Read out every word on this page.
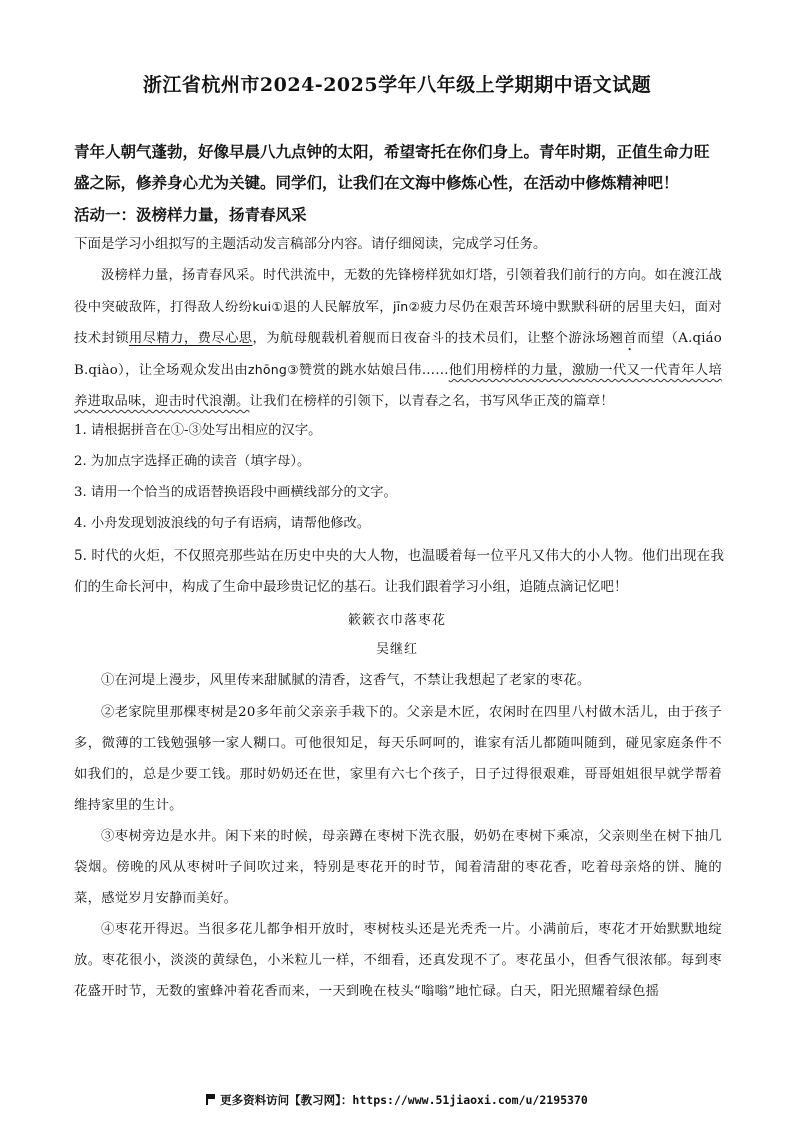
浙江省杭州市2024-2025学年八年级上学期期中语文试题

青年人朝气蓬勃，好像早晨八九点钟的太阳，希望寄托在你们身上。青年时期，正值生命力旺盛之际，修养身心尤为关键。同学们，让我们在文海中修炼心性，在活动中修炼精神吧！

活动一：汲榜样力量，扬青春风采

下面是学习小组拟写的主题活动发言稿部分内容。请仔细阅读，完成学习任务。

汲榜样力量，扬青春风采。时代洪流中，无数的先锋榜样犹如灯塔，引领着我们前行的方向。如在渡江战役中突破敌阵，打得敌人纷纷kui①退的人民解放军，jīn②疲力尽仍在艰苦环境中默默科研的居里夫妇，面对技术封锁用尽精力，费尽心思，为航母舰载机着舰而日夜奋斗的技术员们，让整个游泳场翘首而望（A.qiáo　B.qiào），让全场观众发出由zhōng③赞赏的跳水姑娘吕伟……他们用榜样的力量，激励一代又一代青年人培养进取品味，迎击时代浪潮。让我们在榜样的引领下，以青春之名，书写风华正茂的篇章！

1. 请根据拼音在①-③处写出相应的汉字。

2. 为加点字选择正确的读音（填字母）。

3. 请用一个恰当的成语替换语段中画横线部分的文字。

4. 小舟发现划波浪线的句子有语病，请帮他修改。

5. 时代的火炬，不仅照亮那些站在历史中央的大人物，也温暖着每一位平凡又伟大的小人物。他们出现在我们的生命长河中，构成了生命中最珍贵记忆的基石。让我们跟着学习小组，追随点滴记忆吧！

簌簌衣巾落枣花
吴继红

①在河堤上漫步，风里传来甜腻腻的清香，这香气，不禁让我想起了老家的枣花。

②老家院里那棵枣树是20多年前父亲亲手栽下的。父亲是木匠，农闲时在四里八村做木活儿，由于孩子多，微薄的工钱勉强够一家人糊口。可他很知足，每天乐呵呵的，谁家有活儿都随叫随到，碰见家庭条件不如我们的，总是少要工钱。那时奶奶还在世，家里有六七个孩子，日子过得很艰难，哥哥姐姐很早就学帮着维持家里的生计。

③枣树旁边是水井。闲下来的时候，母亲蹲在枣树下洗衣服，奶奶在枣树下乘凉，父亲则坐在树下抽几袋烟。傍晚的风从枣树叶子间吹过来，特别是枣花开的时节，闻着清甜的枣花香，吃着母亲烙的饼、腌的菜，感觉岁月安静而美好。

④枣花开得迟。当很多花儿都争相开放时，枣树枝头还是光秃秃一片。小满前后，枣花才开始默默地绽放。枣花很小，淡淡的黄绿色，小米粒儿一样，不细看，还真发现不了。枣花虽小，但香气很浓郁。每到枣花盛开时节，无数的蜜蜂冲着花香而来，一天到晚在枝头“嗡嗡”地忙碌。白天，阳光照耀着绿色摇

更多资料访问【教习网】：https://www.51jiaoxi.com/u/2195370
